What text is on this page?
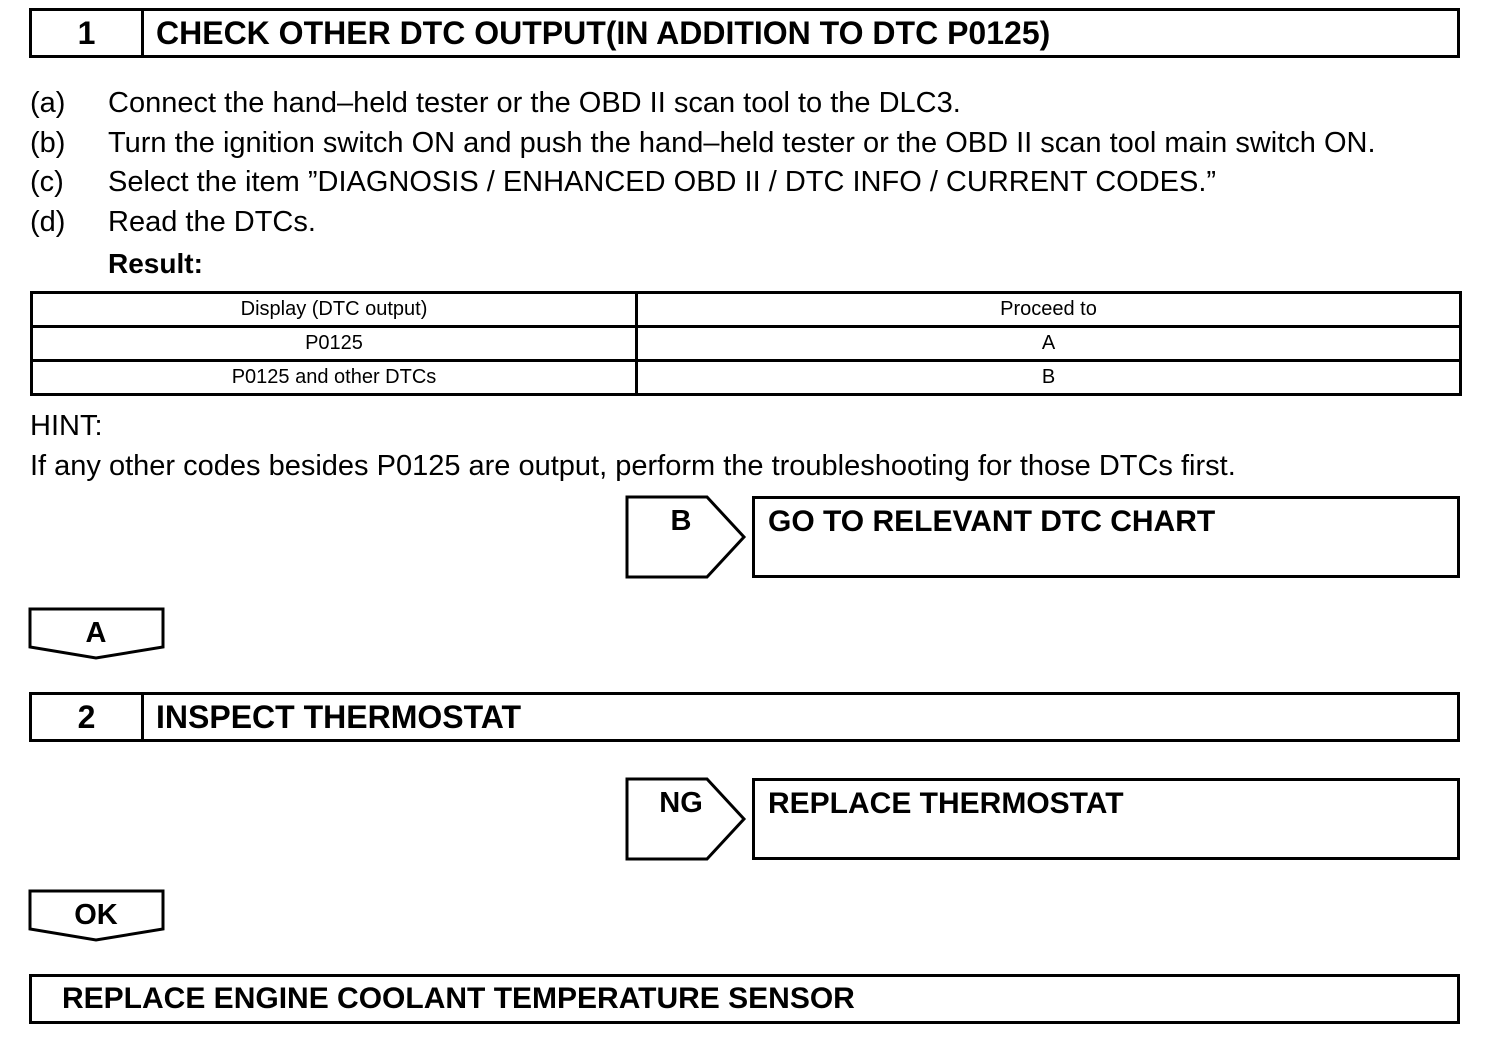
1	CHECK OTHER DTC OUTPUT(IN ADDITION TO DTC P0125)
(a) Connect the hand–held tester or the OBD II scan tool to the DLC3.
(b) Turn the ignition switch ON and push the hand–held tester or the OBD II scan tool main switch ON.
(c) Select the item ”DIAGNOSIS / ENHANCED OBD II / DTC INFO / CURRENT CODES.”
(d) Read the DTCs.
Result:
Display (DTC output)	Proceed to
P0125	A
P0125 and other DTCs	B
HINT:
If any other codes besides P0125 are output, perform the troubleshooting for those DTCs first.
B	GO TO RELEVANT DTC CHART
A
2	INSPECT THERMOSTAT
NG	REPLACE THERMOSTAT
OK
REPLACE ENGINE COOLANT TEMPERATURE SENSOR
